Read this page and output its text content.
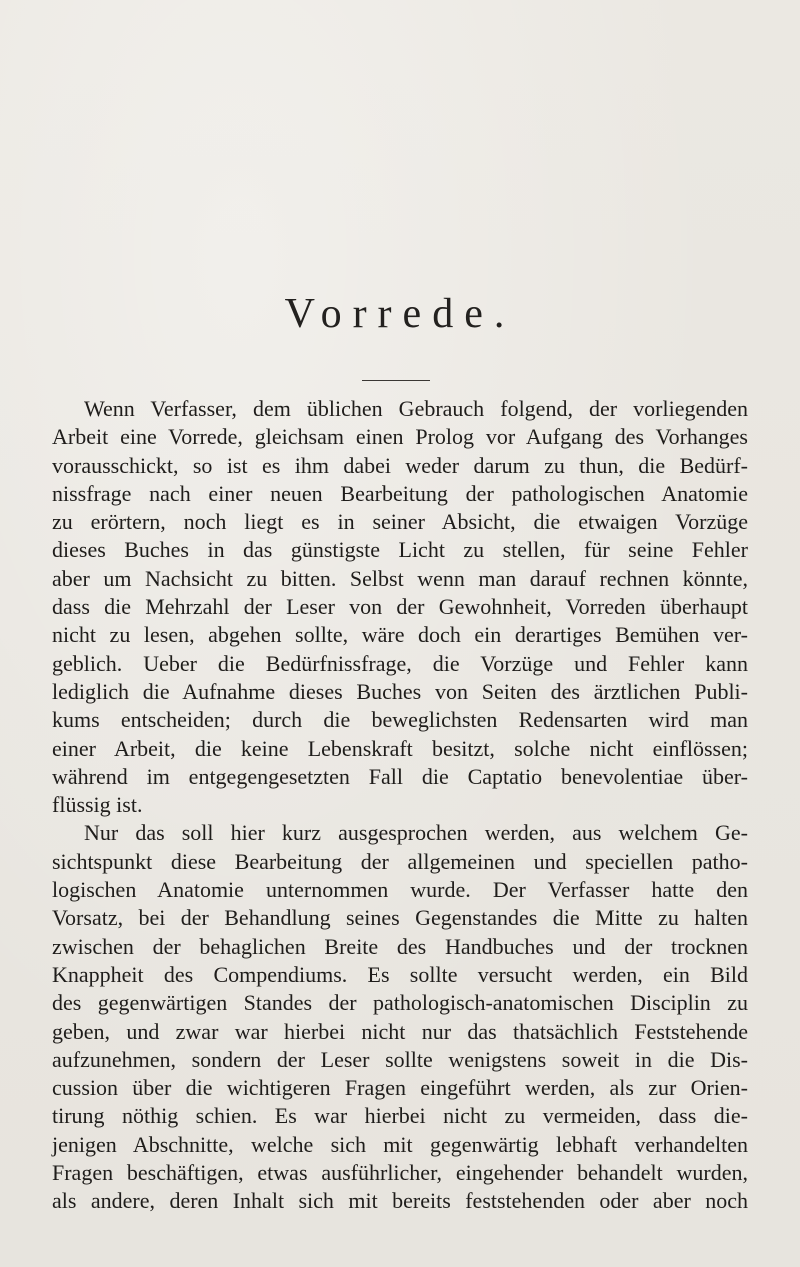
Vorrede.
Wenn Verfasser, dem üblichen Gebrauch folgend, der vorliegenden
Arbeit eine Vorrede, gleichsam einen Prolog vor Aufgang des Vorhanges
vorausschickt, so ist es ihm dabei weder darum zu thun, die Bedürf-
nissfrage nach einer neuen Bearbeitung der pathologischen Anatomie
zu erörtern, noch liegt es in seiner Absicht, die etwaigen Vorzüge
dieses Buches in das günstigste Licht zu stellen, für seine Fehler
aber um Nachsicht zu bitten. Selbst wenn man darauf rechnen könnte,
dass die Mehrzahl der Leser von der Gewohnheit, Vorreden überhaupt
nicht zu lesen, abgehen sollte, wäre doch ein derartiges Bemühen ver-
geblich. Ueber die Bedürfnissfrage, die Vorzüge und Fehler kann
lediglich die Aufnahme dieses Buches von Seiten des ärztlichen Publi-
kums entscheiden; durch die beweglichsten Redensarten wird man
einer Arbeit, die keine Lebenskraft besitzt, solche nicht einflössen;
während im entgegengesetzten Fall die Captatio benevolentiae über-
flüssig ist.
Nur das soll hier kurz ausgesprochen werden, aus welchem Ge-
sichtspunkt diese Bearbeitung der allgemeinen und speciellen patho-
logischen Anatomie unternommen wurde. Der Verfasser hatte den
Vorsatz, bei der Behandlung seines Gegenstandes die Mitte zu halten
zwischen der behaglichen Breite des Handbuches und der trocknen
Knappheit des Compendiums. Es sollte versucht werden, ein Bild
des gegenwärtigen Standes der pathologisch-anatomischen Disciplin zu
geben, und zwar war hierbei nicht nur das thatsächlich Feststehende
aufzunehmen, sondern der Leser sollte wenigstens soweit in die Dis-
cussion über die wichtigeren Fragen eingeführt werden, als zur Orien-
tirung nöthig schien. Es war hierbei nicht zu vermeiden, dass die-
jenigen Abschnitte, welche sich mit gegenwärtig lebhaft verhandelten
Fragen beschäftigen, etwas ausführlicher, eingehender behandelt wurden,
als andere, deren Inhalt sich mit bereits feststehenden oder aber noch
